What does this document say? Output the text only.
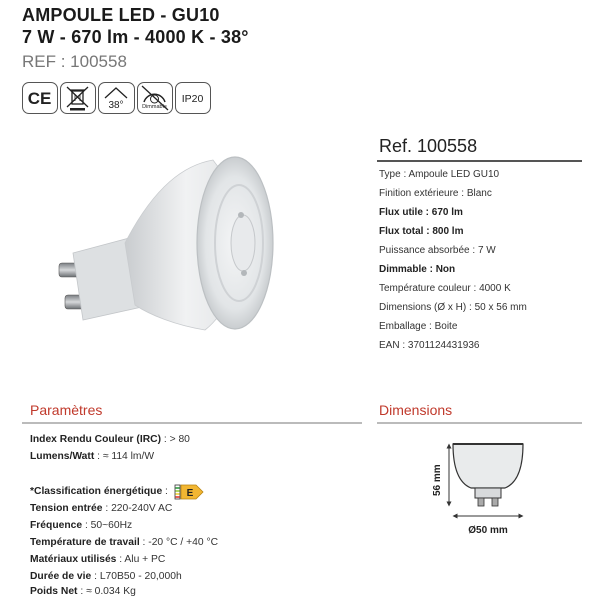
AMPOULE LED - GU10
7 W - 670 lm - 4000 K - 38°
REF : 100558
CE	38°	Dimmable
IP20
Ref. 100558
Type : Ampoule LED GU10
Finition extérieure : Blanc
Flux utile : 670 lm
Flux total : 800 lm
Puissance absorbée : 7 W
Dimmable : Non
Température couleur : 4000 K
Dimensions (Ø x H) : 50 x 56 mm
Emballage : Boite
EAN : 3701124431936
Paramètres
Index Rendu Couleur (IRC) : > 80
Lumens/Watt : ≈ 114 lm/W
*Classification énergétique : E
Tension entrée : 220-240V AC
Fréquence : 50~60Hz
Température de travail : -20 °C / +40 °C
Matériaux utilisés : Alu + PC
Durée de vie : L70B50 - 20,000h
Poids Net : ≈ 0.034 Kg
Dimensions
56 mm
Ø50 mm
